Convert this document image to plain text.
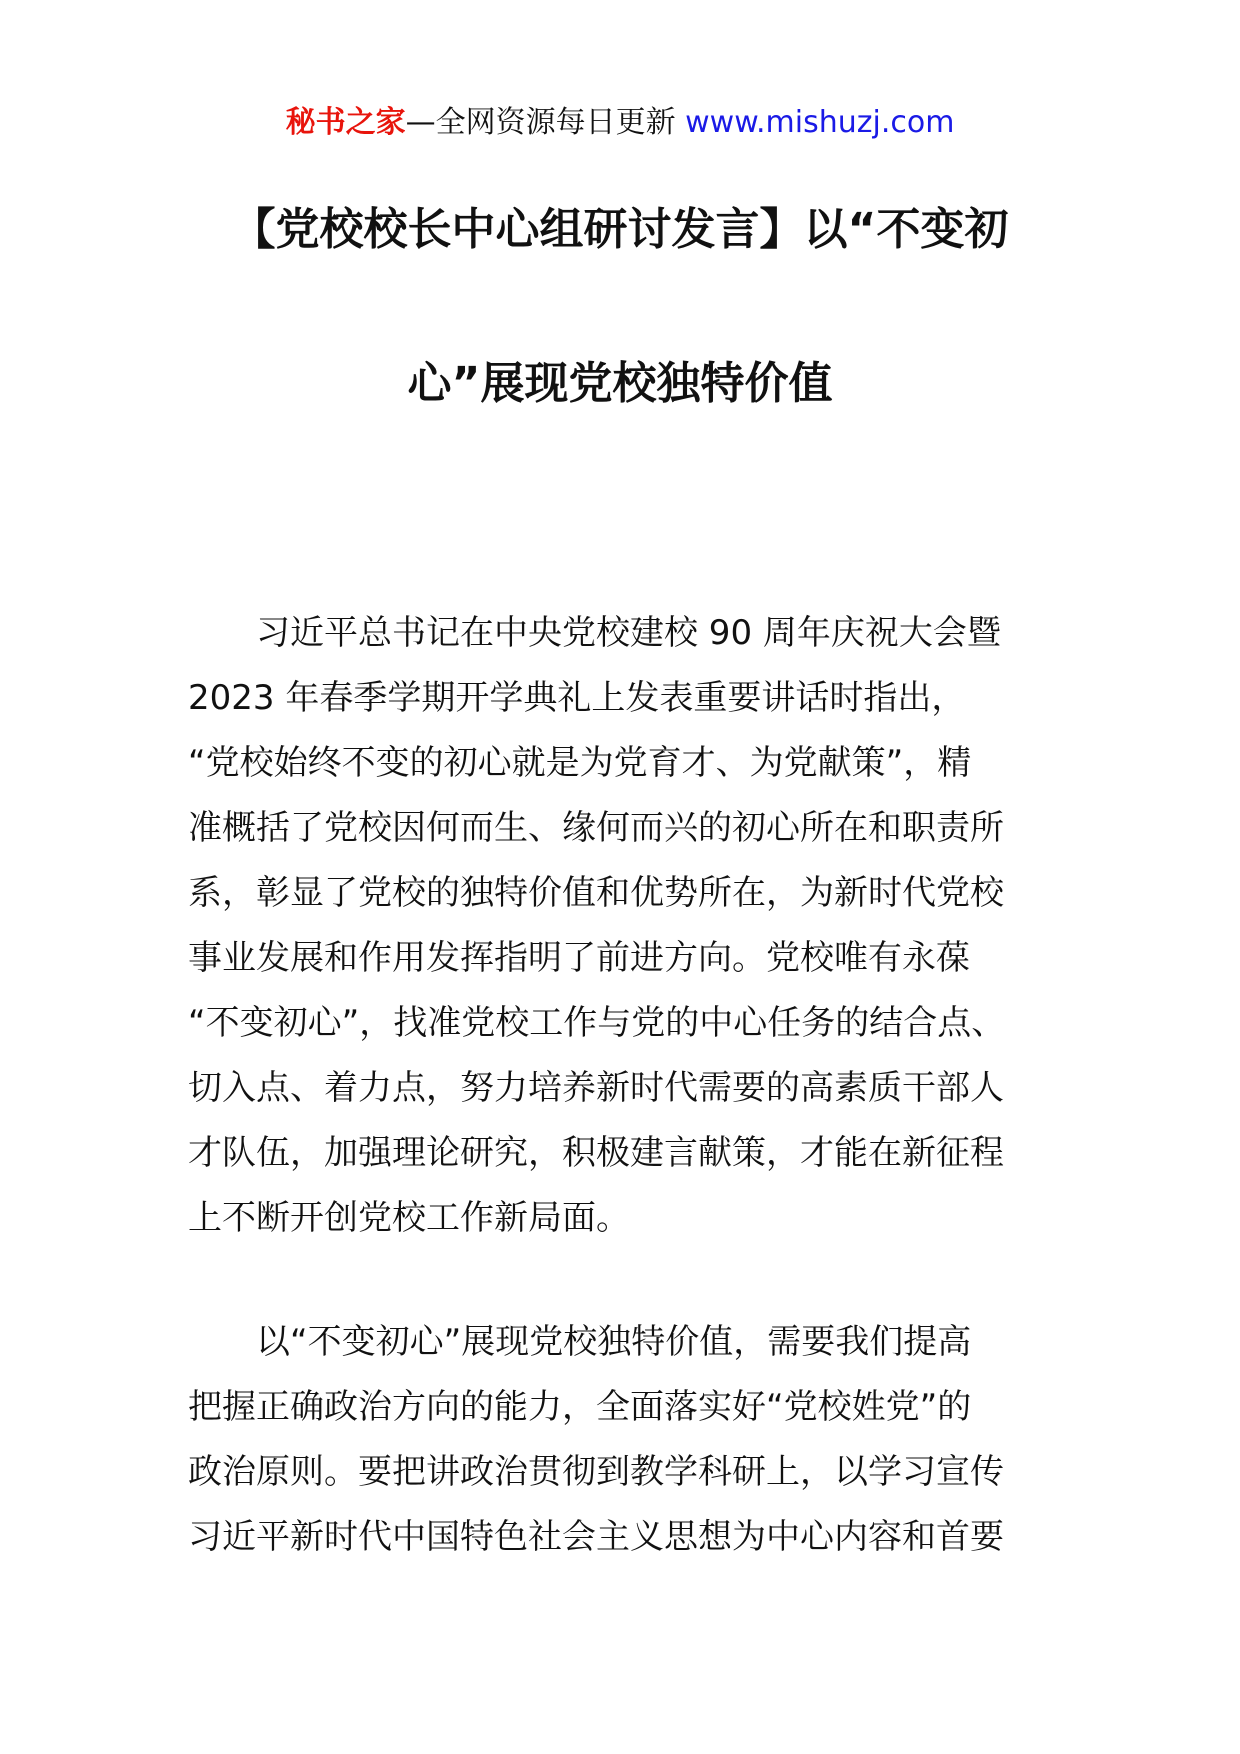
秘书之家—全网资源每日更新 www.mishuzj.com
【党校校长中心组研讨发言】以“不变初
心”展现党校独特价值
　　习近平总书记在中央党校建校 90 周年庆祝大会暨
2023 年春季学期开学典礼上发表重要讲话时指出，
“党校始终不变的初心就是为党育才、为党献策”，精
准概括了党校因何而生、缘何而兴的初心所在和职责所
系，彰显了党校的独特价值和优势所在，为新时代党校
事业发展和作用发挥指明了前进方向。党校唯有永葆
“不变初心”，找准党校工作与党的中心任务的结合点、
切入点、着力点，努力培养新时代需要的高素质干部人
才队伍，加强理论研究，积极建言献策，才能在新征程
上不断开创党校工作新局面。
　　以“不变初心”展现党校独特价值，需要我们提高
把握正确政治方向的能力，全面落实好“党校姓党”的
政治原则。要把讲政治贯彻到教学科研上，以学习宣传
习近平新时代中国特色社会主义思想为中心内容和首要
